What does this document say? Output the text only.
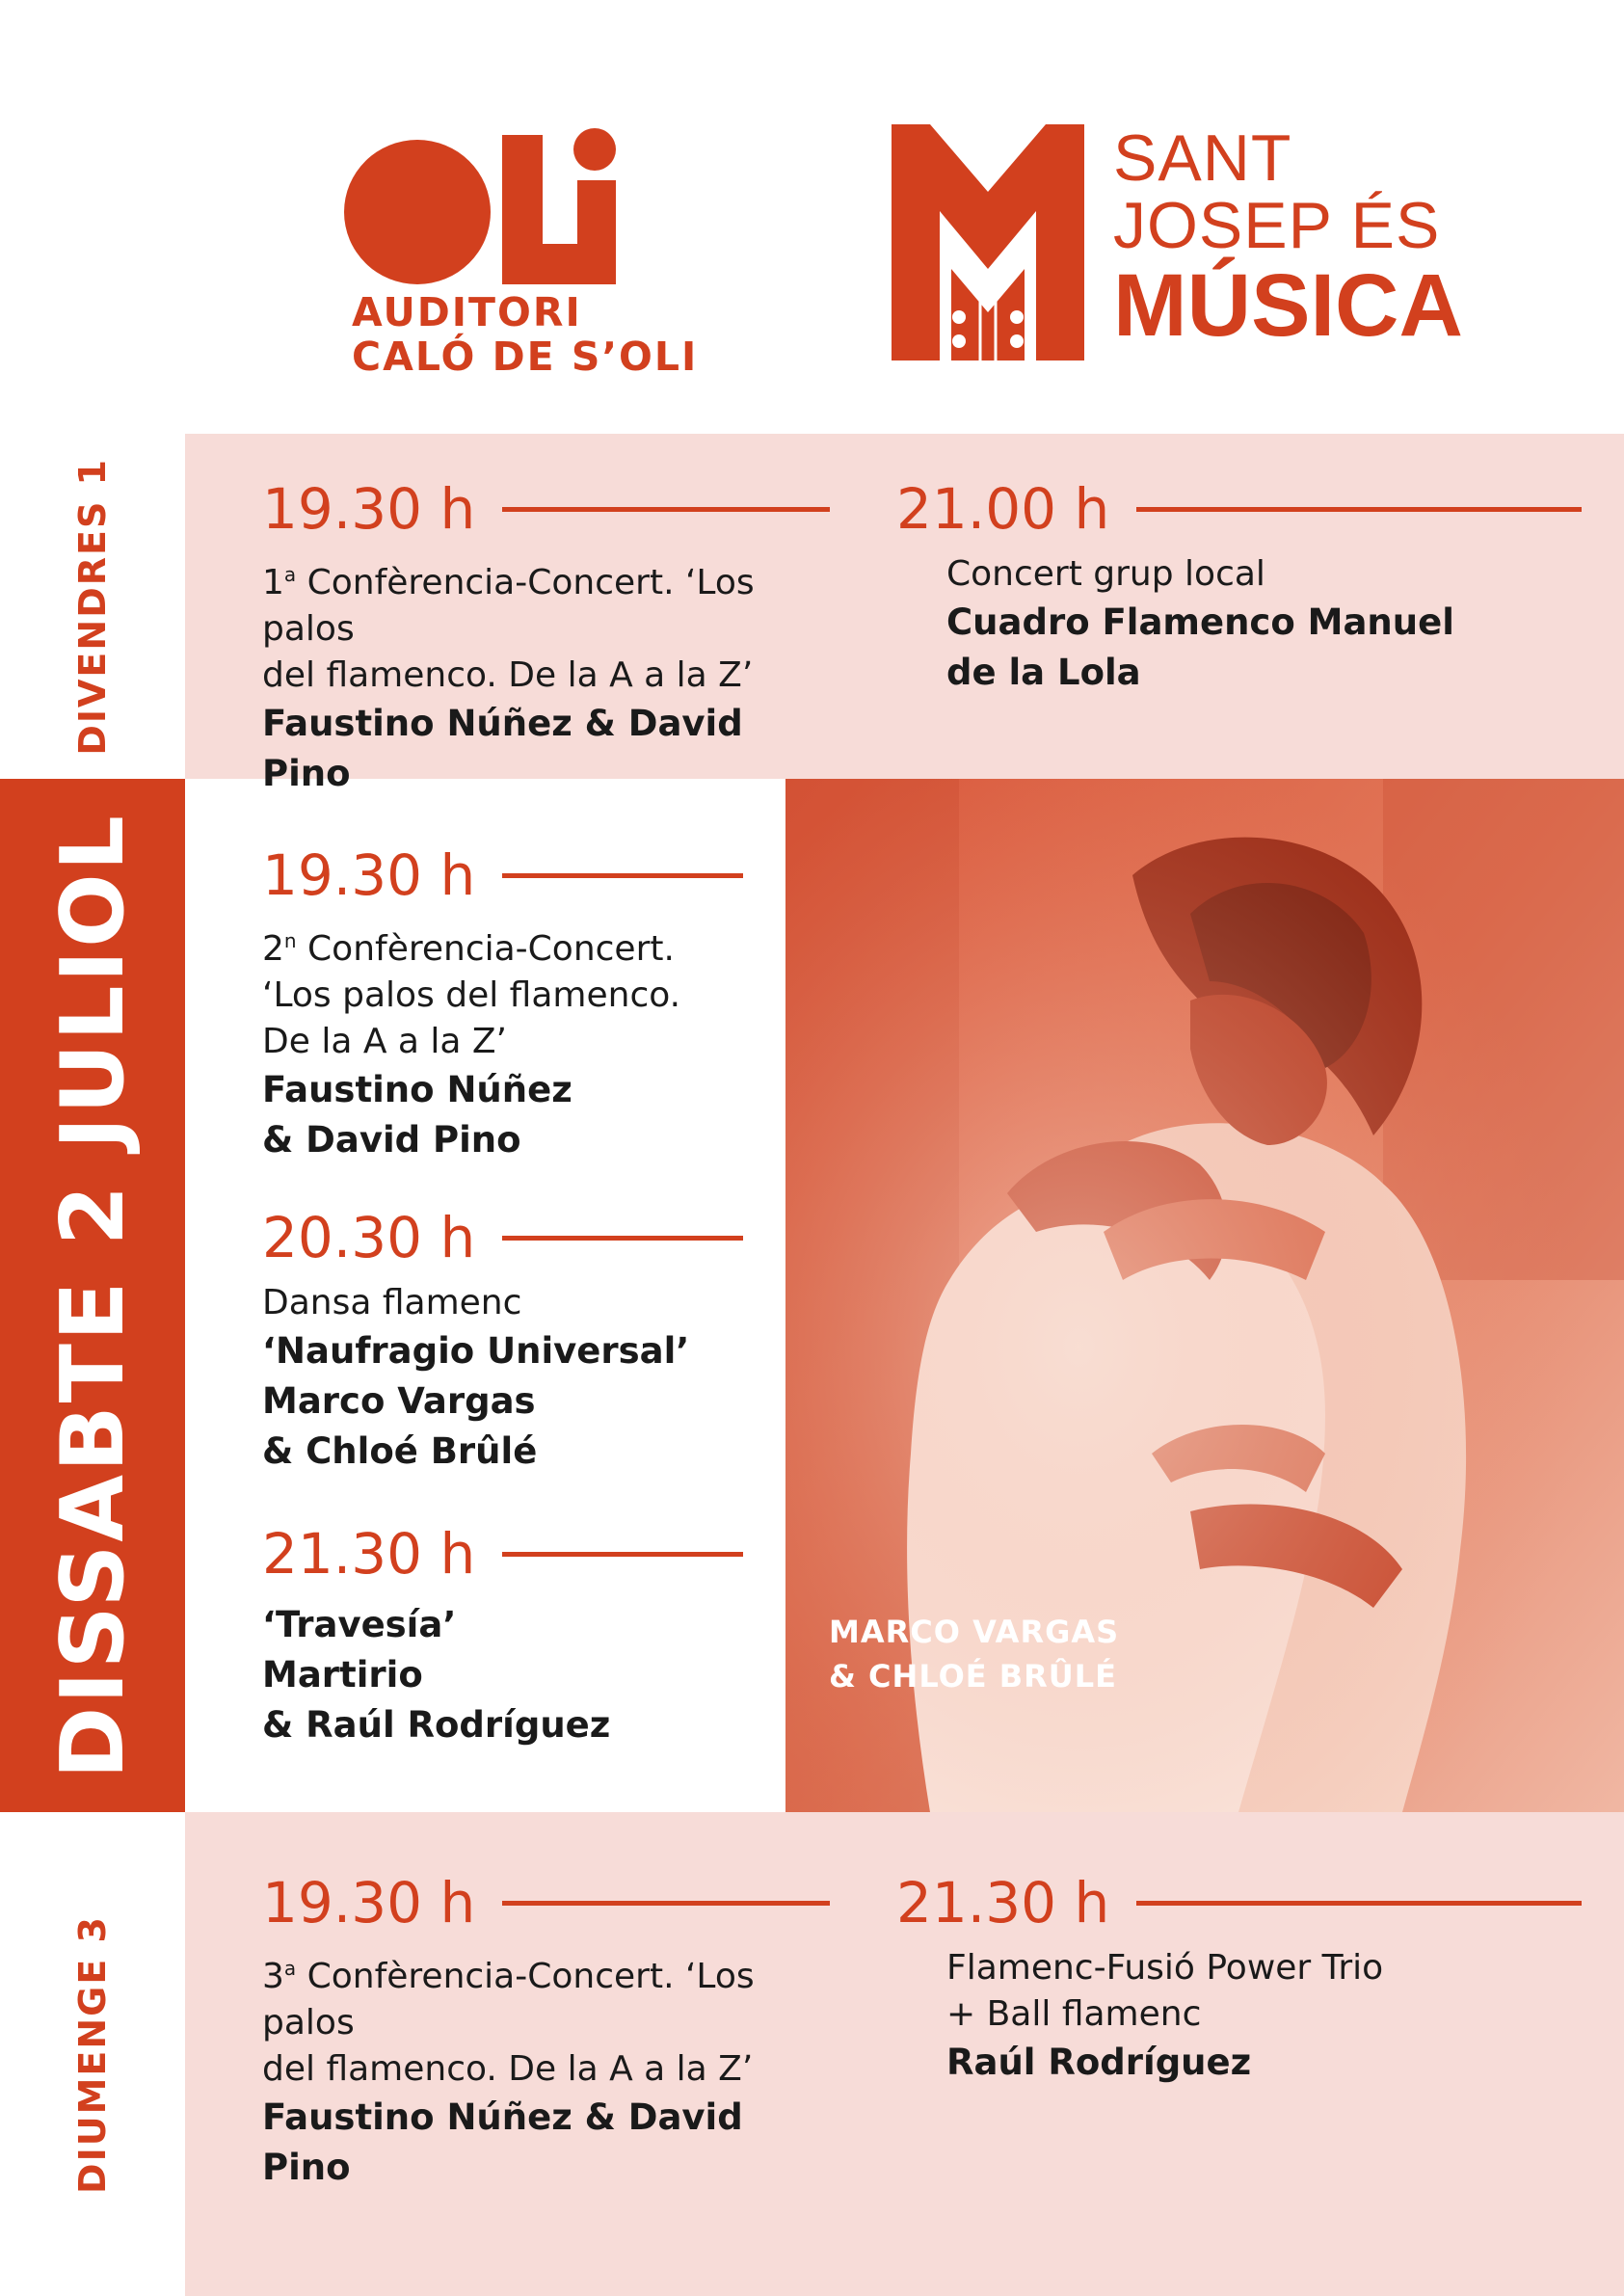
AUDITORI
CALÓ DE S’OLI
SANT
JOSEP ÉS
MÚSICA
DIVENDRES 1
DISSABTE 2 JULIOL
DIUMENGE 3
19.30 h
1$^a$ Confèrencia-Concert. ‘Los palos
del flamenco. De la A a la Z’
Faustino Núñez & David Pino
21.00 h
Concert grup local
Cuadro Flamenco Manuel
de la Lola
19.30 h
2$^n$ Confèrencia-Concert.
‘Los palos del flamenco.
De la A a la Z’
Faustino Núñez
& David Pino
20.30 h
Dansa flamenc
‘Naufragio Universal’
Marco Vargas
& Chloé Brûlé
21.30 h
‘Travesía’
Martirio
& Raúl Rodríguez
MARCO VARGAS
& CHLOÉ BRÛLÉ
19.30 h
3$^a$ Confèrencia-Concert. ‘Los palos
del flamenco. De la A a la Z’
Faustino Núñez & David Pino
21.30 h
Flamenc-Fusió Power Trio
+ Ball flamenc
Raúl Rodríguez
